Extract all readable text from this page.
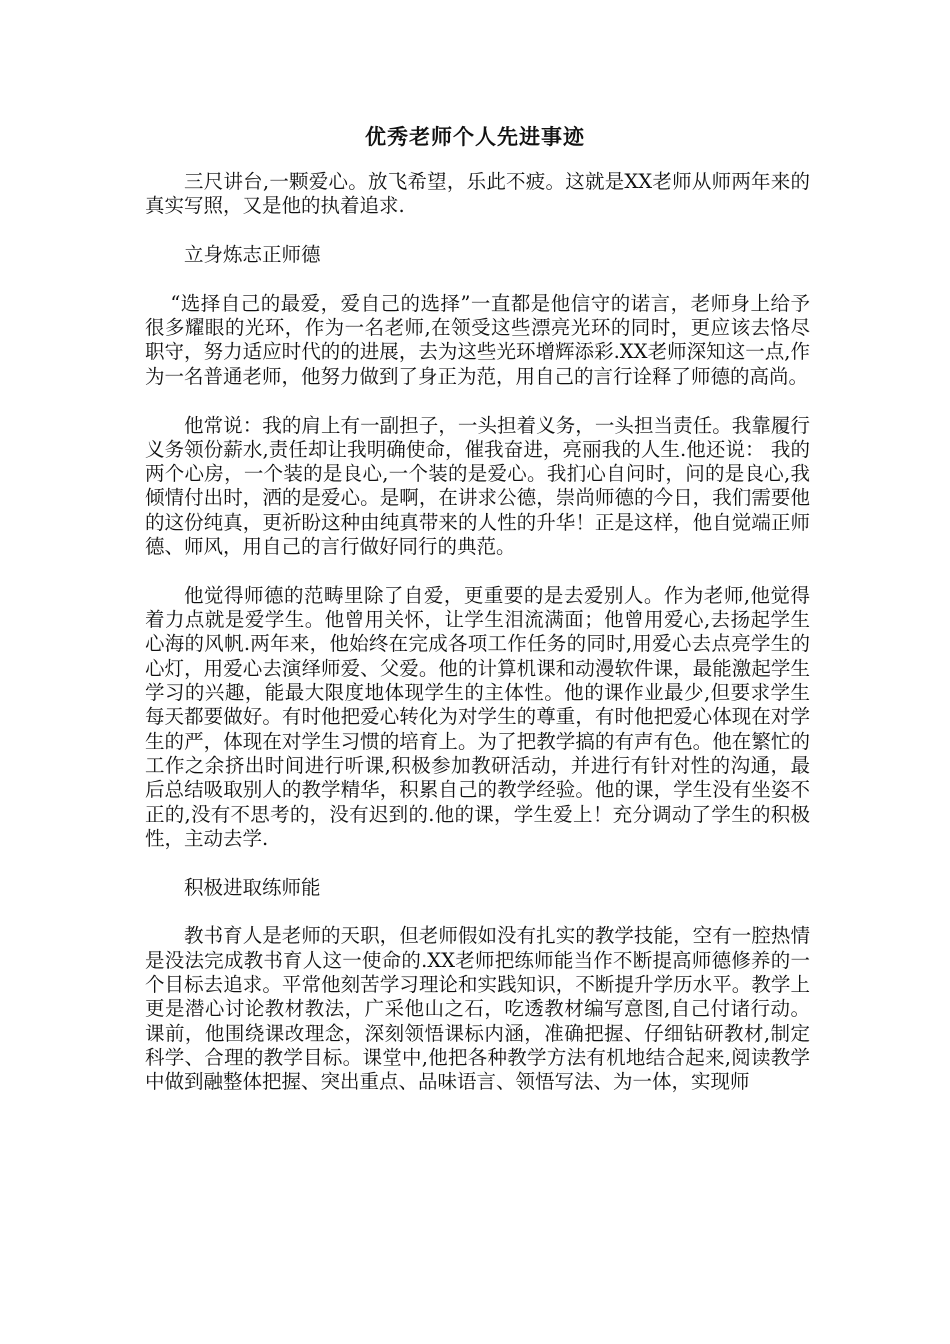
优秀老师个人先进事迹

三尺讲台,一颗爱心。放飞希望，乐此不疲。这就是XX老师从师两年来的真实写照，又是他的执着追求.

立身炼志正师德

“选择自己的最爱，爱自己的选择”一直都是他信守的诺言，老师身上给予很多耀眼的光环，作为一名老师,在领受这些漂亮光环的同时，更应该去恪尽职守，努力适应时代的的进展，去为这些光环增辉添彩.XX老师深知这一点,作为一名普通老师，他努力做到了身正为范，用自己的言行诠释了师德的高尚。

他常说：我的肩上有一副担子，一头担着义务，一头担当责任。我靠履行义务领份薪水,责任却让我明确使命，催我奋进，亮丽我的人生.他还说： 我的两个心房，一个装的是良心,一个装的是爱心。我扪心自问时，问的是良心,我倾情付出时，洒的是爱心。是啊，在讲求公德，崇尚师德的今日，我们需要他的这份纯真，更祈盼这种由纯真带来的人性的升华！正是这样，他自觉端正师德、师风，用自己的言行做好同行的典范。

他觉得师德的范畴里除了自爱，更重要的是去爱别人。作为老师,他觉得着力点就是爱学生。他曾用关怀，让学生泪流满面；他曾用爱心,去扬起学生心海的风帆.两年来，他始终在完成各项工作任务的同时,用爱心去点亮学生的心灯，用爱心去演绎师爱、父爱。他的计算机课和动漫软件课，最能激起学生学习的兴趣，能最大限度地体现学生的主体性。他的课作业最少,但要求学生每天都要做好。有时他把爱心转化为对学生的尊重，有时他把爱心体现在对学生的严，体现在对学生习惯的培育上。为了把教学搞的有声有色。他在繁忙的工作之余挤出时间进行听课,积极参加教研活动，并进行有针对性的沟通，最后总结吸取别人的教学精华，积累自己的教学经验。他的课，学生没有坐姿不正的,没有不思考的，没有迟到的.他的课，学生爱上！充分调动了学生的积极性，主动去学.

积极进取练师能

教书育人是老师的天职，但老师假如没有扎实的教学技能，空有一腔热情是没法完成教书育人这一使命的.XX老师把练师能当作不断提高师德修养的一个目标去追求。平常他刻苦学习理论和实践知识，不断提升学历水平。教学上更是潜心讨论教材教法，广采他山之石，吃透教材编写意图,自己付诸行动。课前，他围绕课改理念，深刻领悟课标内涵，准确把握、仔细钻研教材,制定科学、合理的教学目标。课堂中,他把各种教学方法有机地结合起来,阅读教学中做到融整体把握、突出重点、品味语言、领悟写法、为一体，实现师
